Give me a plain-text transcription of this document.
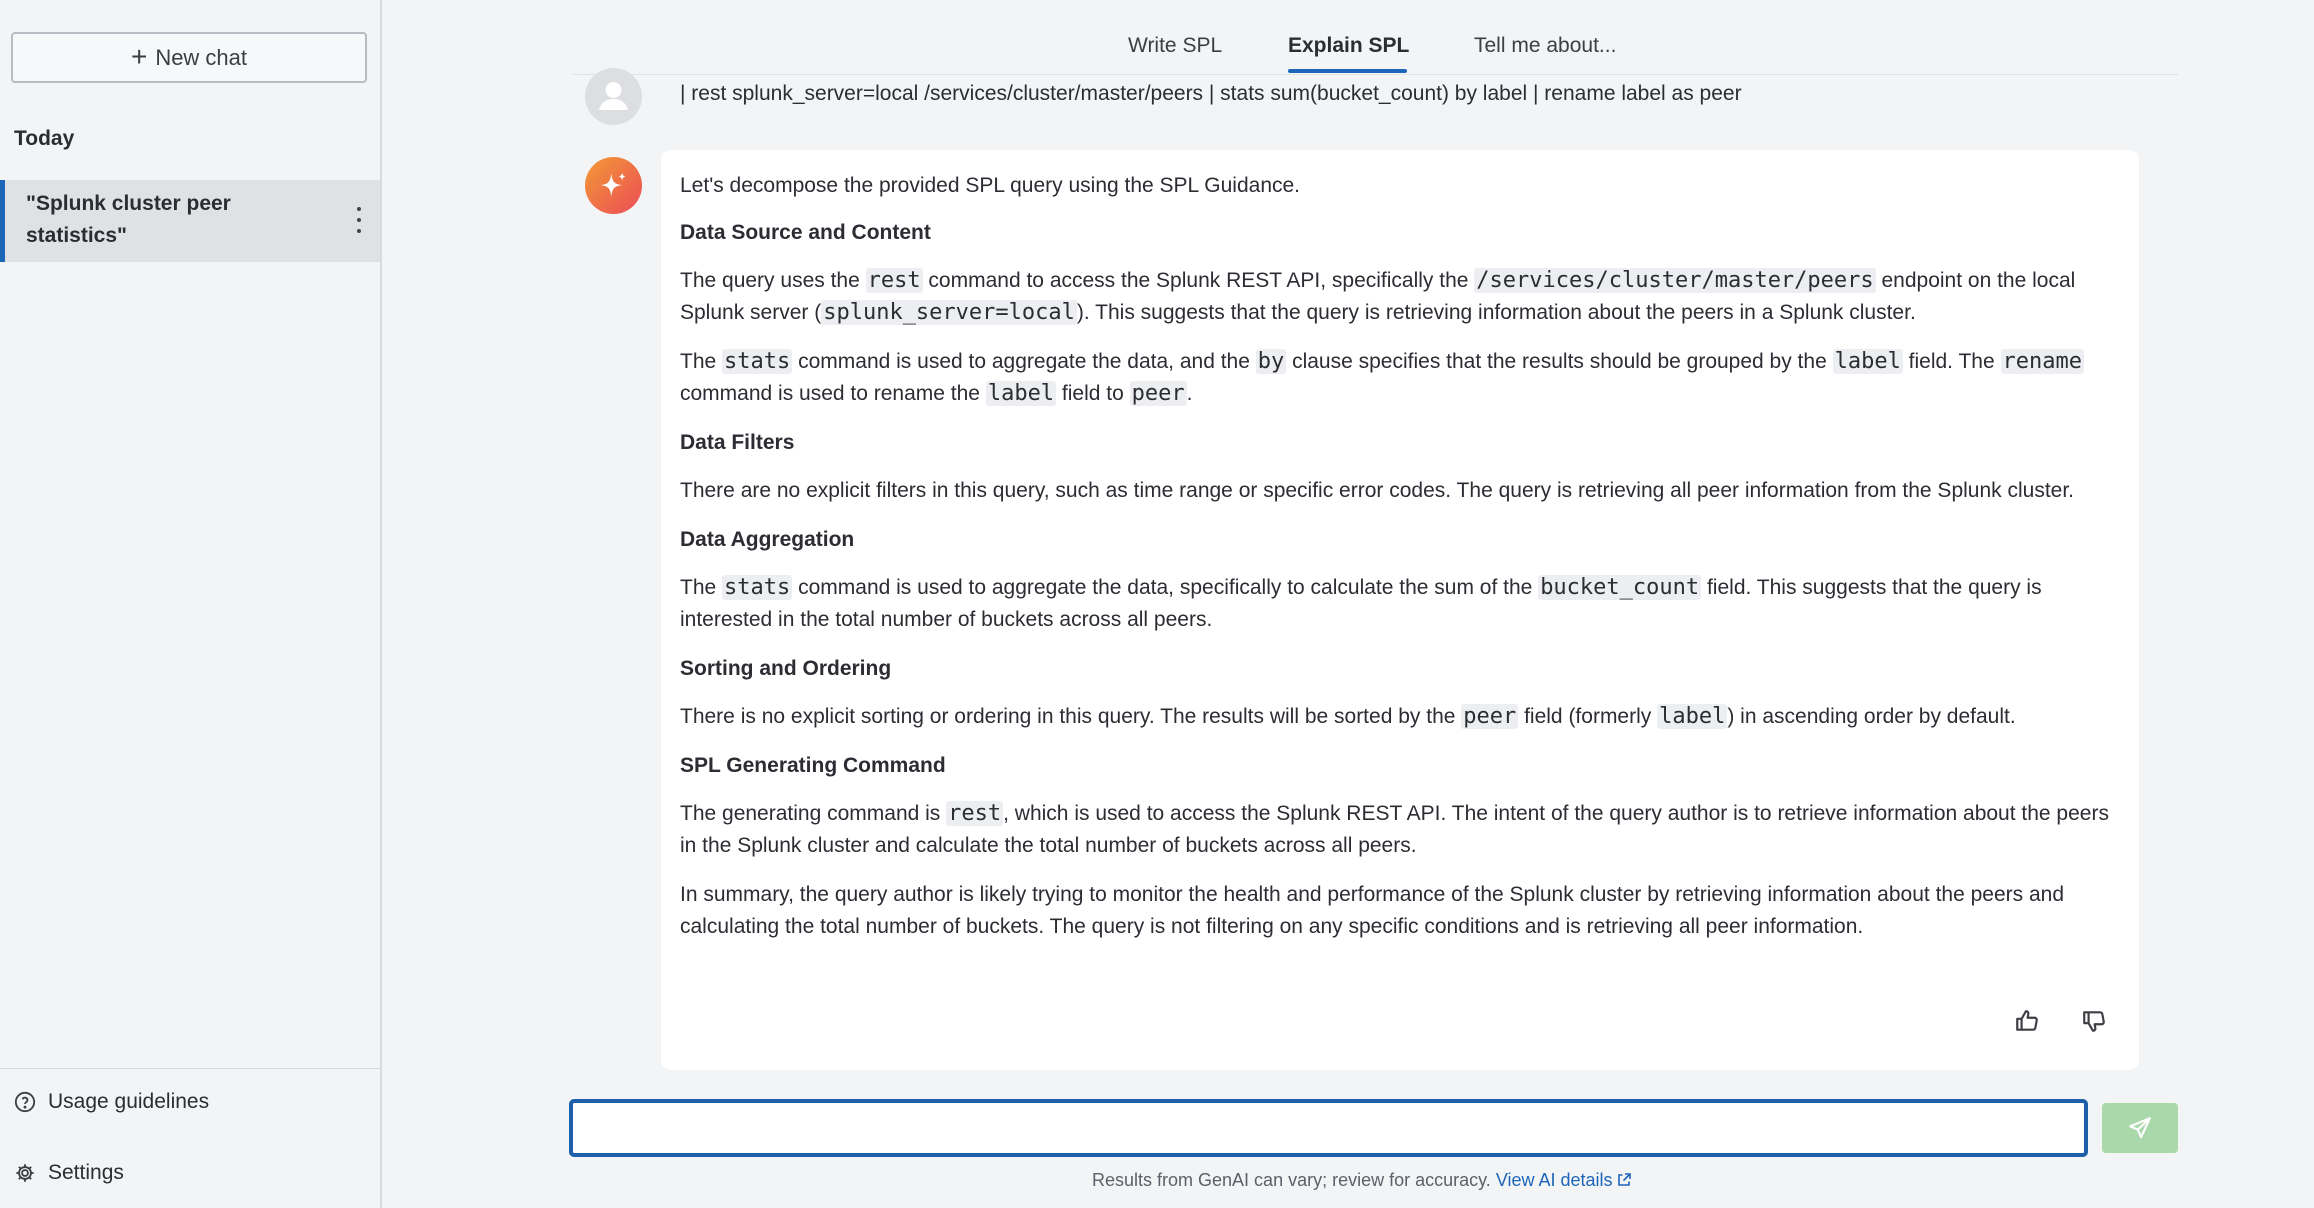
+ New chat
Today
"Splunk cluster peer statistics"
Usage guidelines
Settings
Write SPL	Explain SPL	Tell me about...
| rest splunk_server=local /services/cluster/master/peers | stats sum(bucket_count) by label | rename label as peer

Let's decompose the provided SPL query using the SPL Guidance.

Data Source and Content

The query uses the rest command to access the Splunk REST API, specifically the /services/cluster/master/peers endpoint on the local Splunk server (splunk_server=local). This suggests that the query is retrieving information about the peers in a Splunk cluster.

The stats command is used to aggregate the data, and the by clause specifies that the results should be grouped by the label field. The rename command is used to rename the label field to peer.

Data Filters

There are no explicit filters in this query, such as time range or specific error codes. The query is retrieving all peer information from the Splunk cluster.

Data Aggregation

The stats command is used to aggregate the data, specifically to calculate the sum of the bucket_count field. This suggests that the query is interested in the total number of buckets across all peers.

Sorting and Ordering

There is no explicit sorting or ordering in this query. The results will be sorted by the peer field (formerly label) in ascending order by default.

SPL Generating Command

The generating command is rest, which is used to access the Splunk REST API. The intent of the query author is to retrieve information about the peers in the Splunk cluster and calculate the total number of buckets across all peers.

In summary, the query author is likely trying to monitor the health and performance of the Splunk cluster by retrieving information about the peers and calculating the total number of buckets. The query is not filtering on any specific conditions and is retrieving all peer information.

Results from GenAI can vary; review for accuracy. View AI details
